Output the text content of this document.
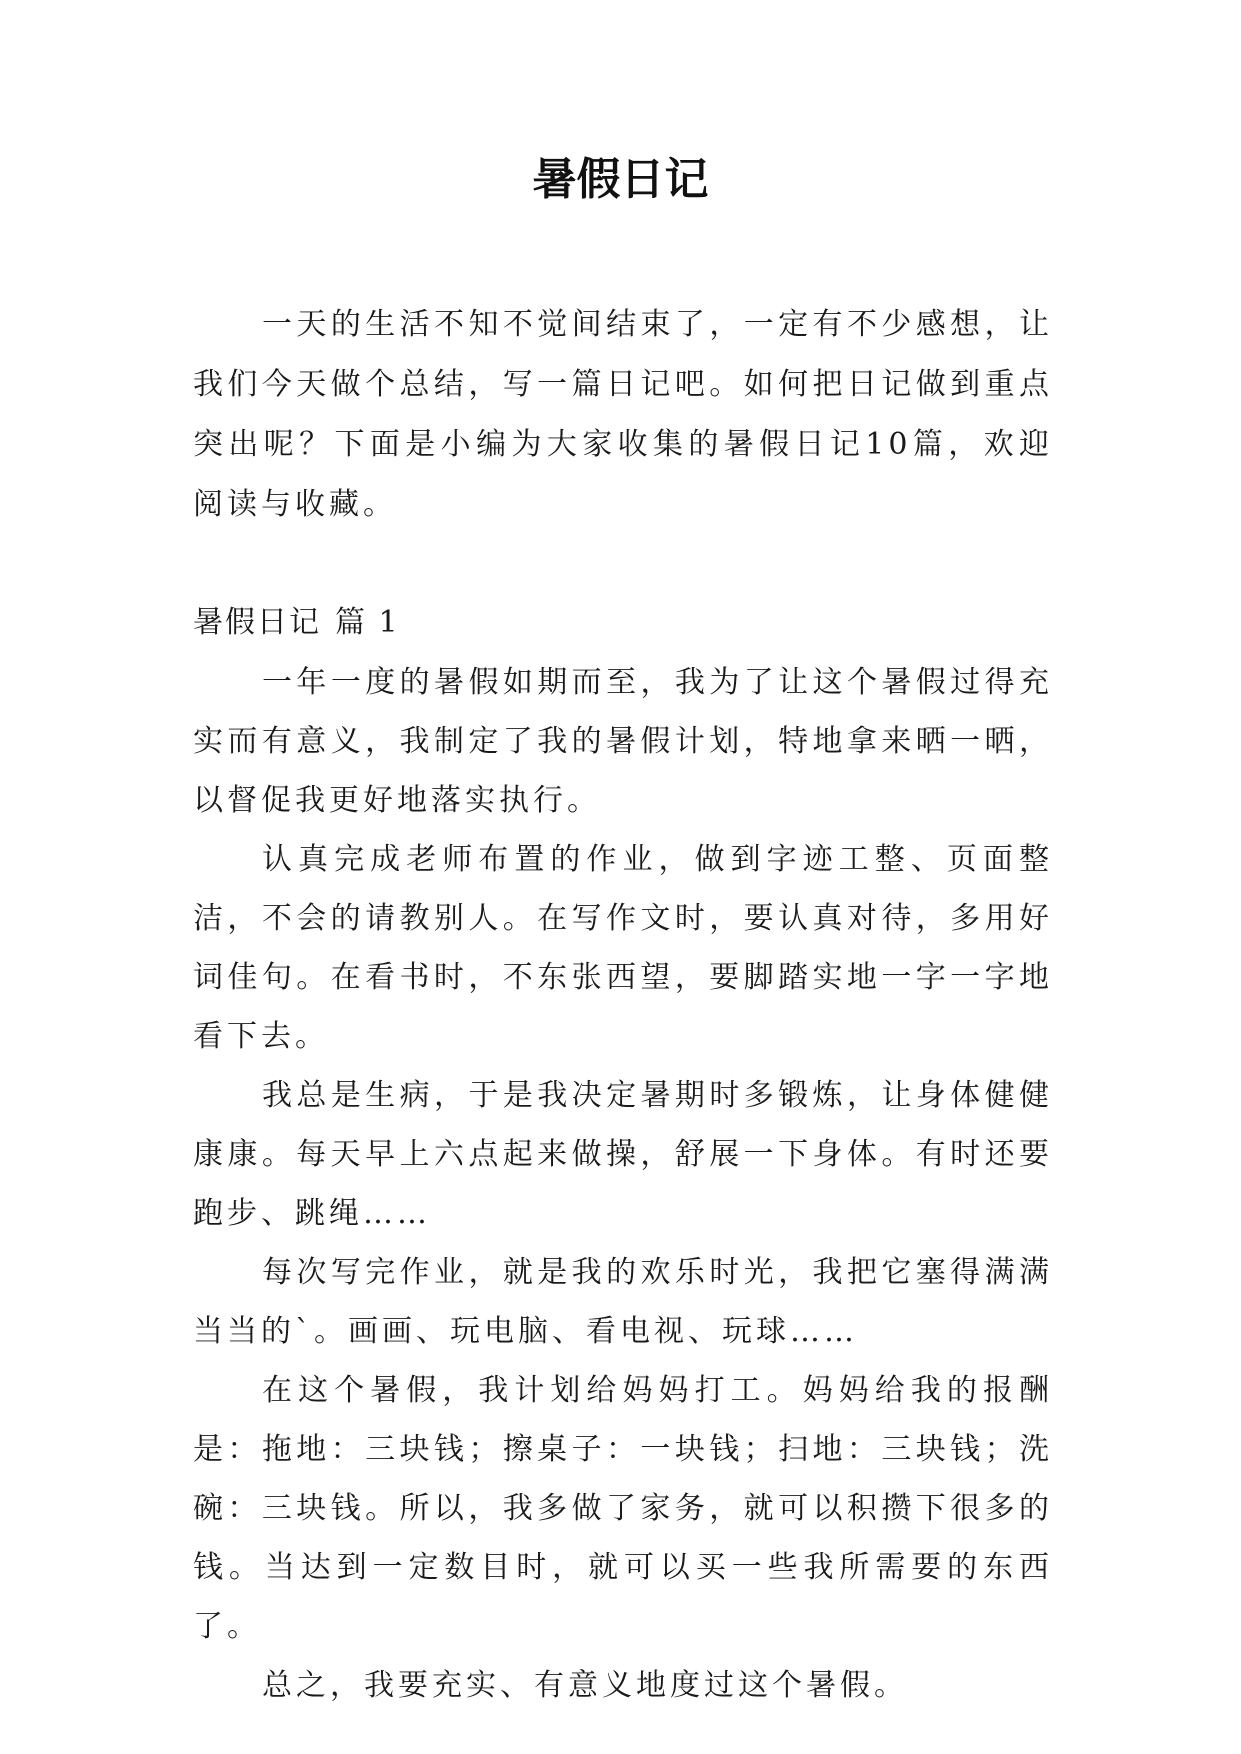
暑假日记

一天的生活不知不觉间结束了，一定有不少感想，让我们今天做个总结，写一篇日记吧。如何把日记做到重点突出呢？下面是小编为大家收集的暑假日记10篇，欢迎阅读与收藏。

暑假日记 篇 1

一年一度的暑假如期而至，我为了让这个暑假过得充实而有意义，我制定了我的暑假计划，特地拿来晒一晒，以督促我更好地落实执行。

认真完成老师布置的作业，做到字迹工整、页面整洁，不会的请教别人。在写作文时，要认真对待，多用好词佳句。在看书时，不东张西望，要脚踏实地一字一字地看下去。

我总是生病，于是我决定暑期时多锻炼，让身体健健康康。每天早上六点起来做操，舒展一下身体。有时还要跑步、跳绳……

每次写完作业，就是我的欢乐时光，我把它塞得满满当当的`。画画、玩电脑、看电视、玩球……

在这个暑假，我计划给妈妈打工。妈妈给我的报酬是：拖地：三块钱；擦桌子：一块钱；扫地：三块钱；洗碗：三块钱。所以，我多做了家务，就可以积攒下很多的钱。当达到一定数目时，就可以买一些我所需要的东西了。

总之，我要充实、有意义地度过这个暑假。
